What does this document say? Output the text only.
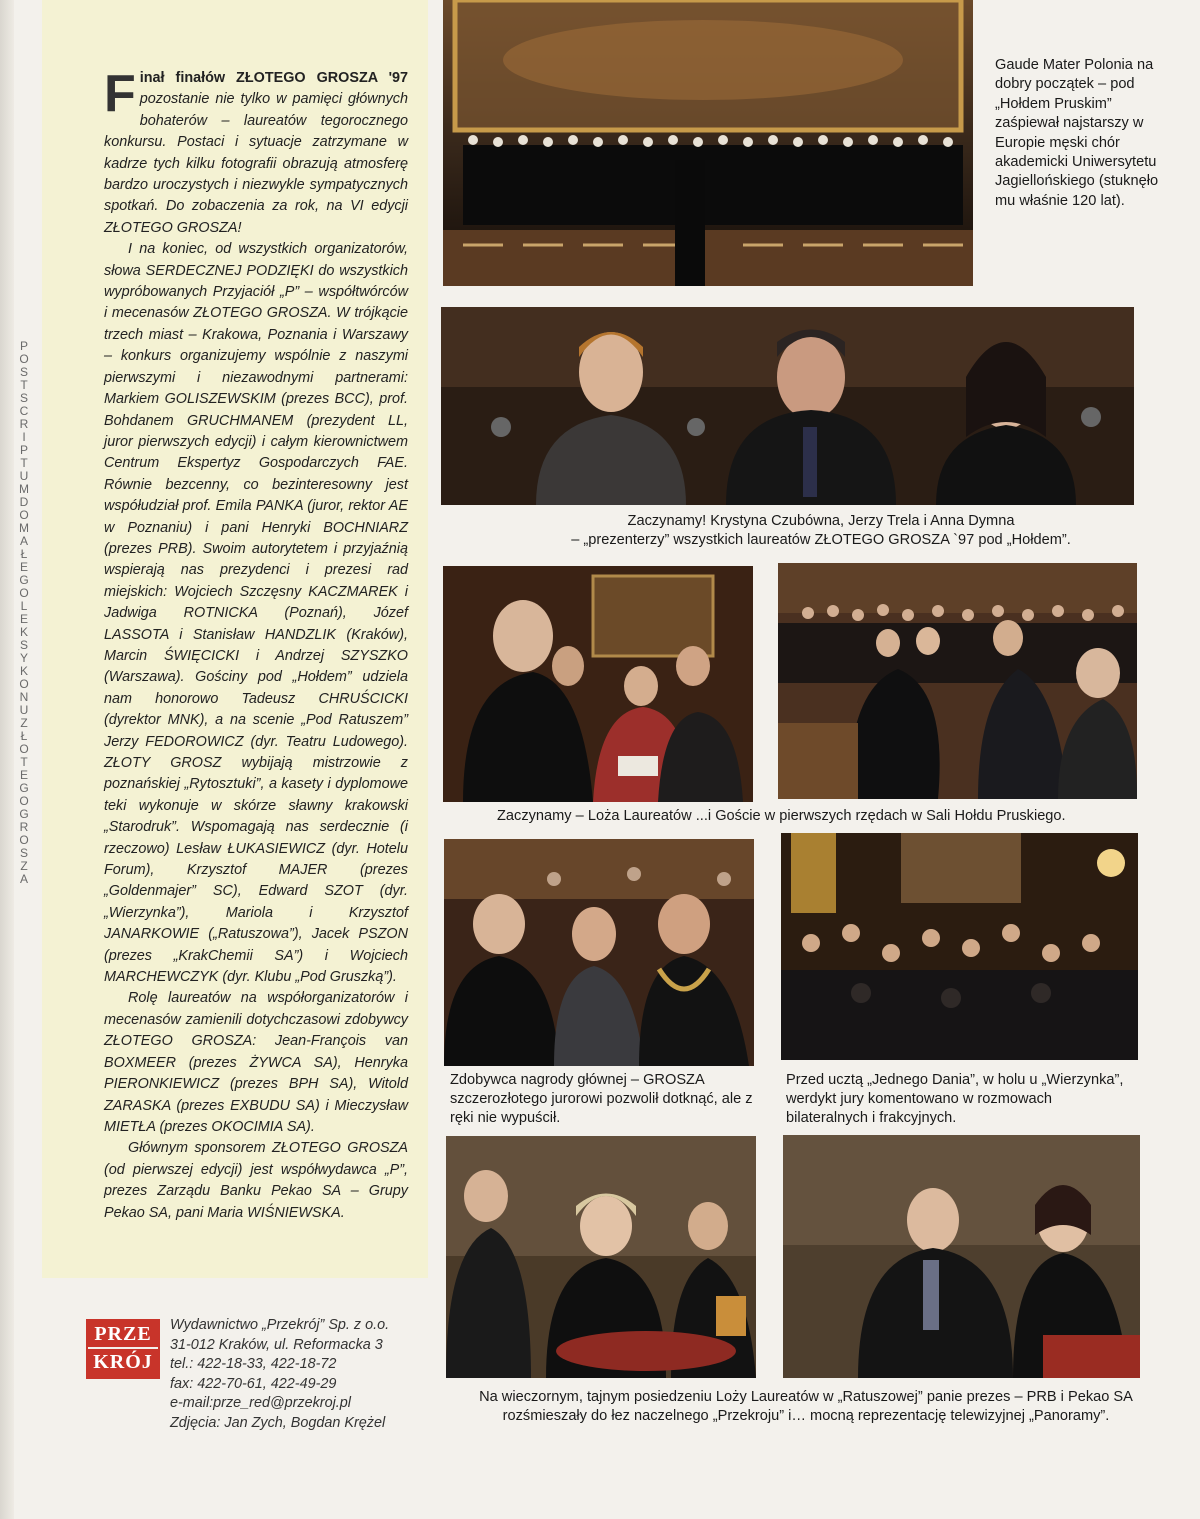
P
O
S
T
S
C
R
I
P
T
U
M
D
O
M
A
Ł
E
G
O
L
E
K
S
Y
K
O
N
U
Z
Ł
O
T
E
G
O
G
R
O
S
Z
A

Finał finałów ZŁOTEGO GROSZA '97 pozostanie nie tylko w pamięci głównych bohaterów – laureatów tegorocznego konkursu. Postaci i sytuacje zatrzymane w kadrze tych kilku fotografii obrazują atmosferę bardzo uroczystych i niezwykle sympatycznych spotkań. Do zobaczenia za rok, na VI edycji ZŁOTEGO GROSZA!

I na koniec, od wszystkich organizatorów, słowa SERDECZNEJ PODZIĘKI do wszystkich wypróbowanych Przyjaciół „P” – współtwórców i mecenasów ZŁOTEGO GROSZA. W trójkącie trzech miast – Krakowa, Poznania i Warszawy – konkurs organizujemy wspólnie z naszymi pierwszymi i niezawodnymi partnerami: Markiem GOLISZEWSKIM (prezes BCC), prof. Bohdanem GRUCHMANEM (prezydent LL, juror pierwszych edycji) i całym kierownictwem Centrum Ekspertyz Gospodarczych FAE. Równie bezcenny, co bezinteresowny jest współudział prof. Emila PANKA (juror, rektor AE w Poznaniu) i pani Henryki BOCHNIARZ (prezes PRB). Swoim autorytetem i przyjaźnią wspierają nas prezydenci i prezesi rad miejskich: Wojciech Szczęsny KACZMAREK i Jadwiga ROTNICKA (Poznań), Józef LASSOTA i Stanisław HANDZLIK (Kraków), Marcin ŚWIĘCICKI i Andrzej SZYSZKO (Warszawa). Gościny pod „Hołdem” udziela nam honorowo Tadeusz CHRUŚCICKI (dyrektor MNK), a na scenie „Pod Ratuszem” Jerzy FEDOROWICZ (dyr. Teatru Ludowego). ZŁOTY GROSZ wybijają mistrzowie z poznańskiej „Rytosztuki”, a kasety i dyplomowe teki wykonuje w skórze sławny krakowski „Starodruk”. Wspomagają nas serdecznie (i rzeczowo) Lesław ŁUKASIEWICZ (dyr. Hotelu Forum), Krzysztof MAJER (prezes „Goldenmajer” SC), Edward SZOT (dyr. „Wierzynka”), Mariola i Krzysztof JANARKOWIE („Ratuszowa”), Jacek PSZON (prezes „KrakChemii SA”) i Wojciech MARCHEWCZYK (dyr. Klubu „Pod Gruszką”).

Rolę laureatów na współorganizatorów i mecenasów zamienili dotychczasowi zdobywcy ZŁOTEGO GROSZA: Jean-François van BOXMEER (prezes ŻYWCA SA), Henryka PIERONKIEWICZ (prezes BPH SA), Witold ZARASKA (prezes EXBUDU SA) i Mieczysław MIETŁA (prezes OKOCIMIA SA).

Głównym sponsorem ZŁOTEGO GROSZA (od pierwszej edycji) jest współwydawca „P”, prezes Zarządu Banku Pekao SA – Grupy Pekao SA, pani Maria WIŚNIEWSKA.

Gaude Mater Polonia na dobry początek – pod „Hołdem Pruskim” zaśpiewał najstarszy w Europie męski chór akademicki Uniwersytetu Jagiellońskiego (stuknęło mu właśnie 120 lat).
Zaczynamy! Krystyna Czubówna, Jerzy Trela i Anna Dymna
– „prezenterzy” wszystkich laureatów ZŁOTEGO GROSZA `97 pod „Hołdem”.
Zaczynamy – Loża Laureatów ...i Goście w pierwszych rzędach w Sali Hołdu Pruskiego.
Zdobywca nagrody głównej – GROSZA szczerozłotego jurorowi pozwolił dotknąć, ale z ręki nie wypuścił.
Przed ucztą „Jednego Dania”, w holu u „Wierzynka”, werdykt jury komentowano w rozmowach bilateralnych i frakcyjnych.
Na wieczornym, tajnym posiedzeniu Loży Laureatów w „Ratuszowej” panie prezes – PRB i Pekao SA
rozśmieszały do łez naczelnego „Przekroju” i… mocną reprezentację telewizyjnej „Panoramy”.
PRZE
KRÓJ
Wydawnictwo „Przekrój” Sp. z o.o.
31-012 Kraków, ul. Reformacka 3
tel.: 422-18-33, 422-18-72
fax: 422-70-61, 422-49-29
e-mail:prze_red@przekroj.pl
Zdjęcia: Jan Zych, Bogdan Krężel
